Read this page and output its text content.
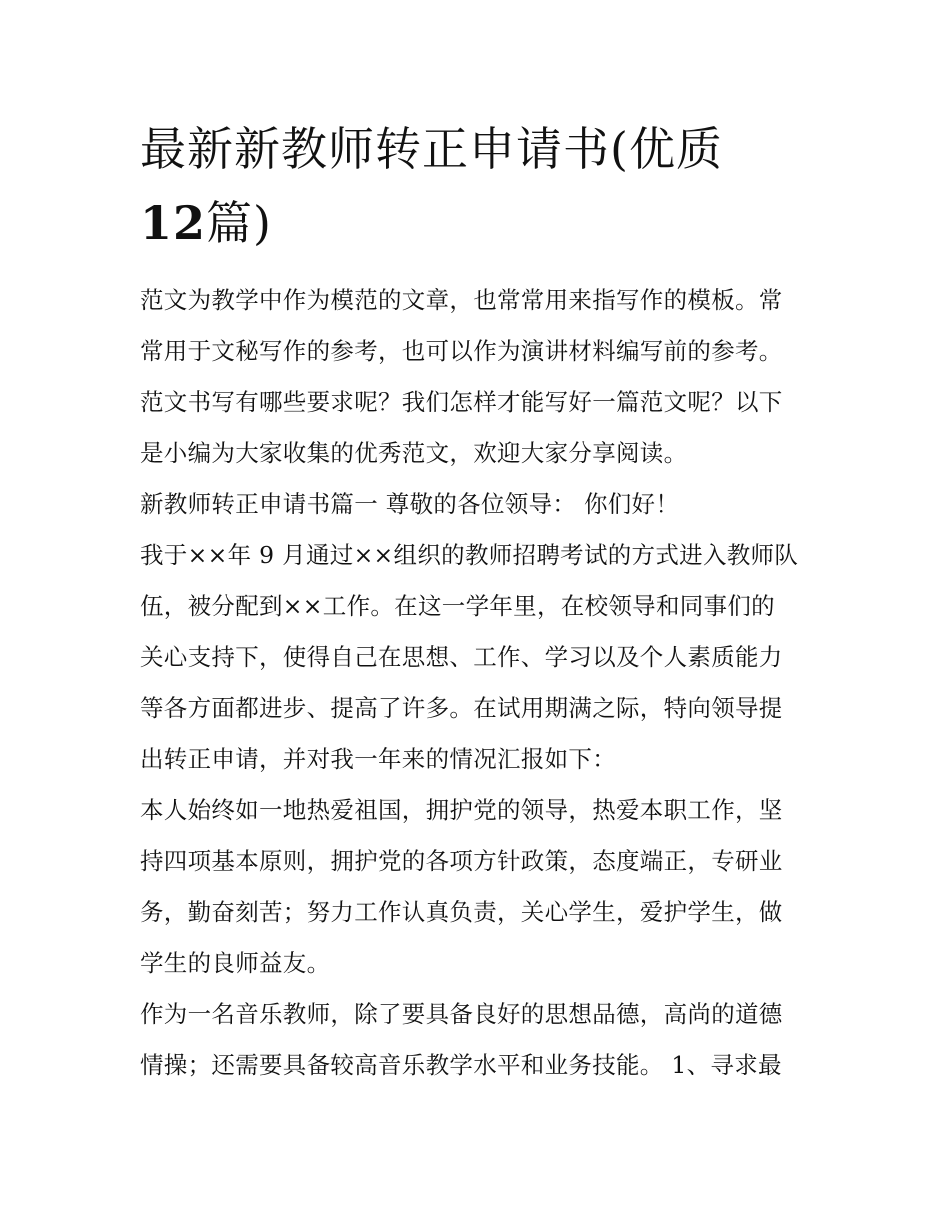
最新新教师转正申请书(优质
12篇)
范文为教学中作为模范的文章，也常常用来指写作的模板。常
常用于文秘写作的参考，也可以作为演讲材料编写前的参考。
范文书写有哪些要求呢？我们怎样才能写好一篇范文呢？以下
是小编为大家收集的优秀范文，欢迎大家分享阅读。
新教师转正申请书篇一 尊敬的各位领导： 你们好！
我于××年 9 月通过××组织的教师招聘考试的方式进入教师队
伍，被分配到××工作。在这一学年里，在校领导和同事们的
关心支持下，使得自己在思想、工作、学习以及个人素质能力
等各方面都进步、提高了许多。在试用期满之际，特向领导提
出转正申请，并对我一年来的情况汇报如下：
本人始终如一地热爱祖国，拥护党的领导，热爱本职工作，坚
持四项基本原则，拥护党的各项方针政策，态度端正，专研业
务，勤奋刻苦；努力工作认真负责，关心学生，爱护学生，做
学生的良师益友。
作为一名音乐教师，除了要具备良好的思想品德，高尚的道德
情操；还需要具备较高音乐教学水平和业务技能。 1、寻求最
